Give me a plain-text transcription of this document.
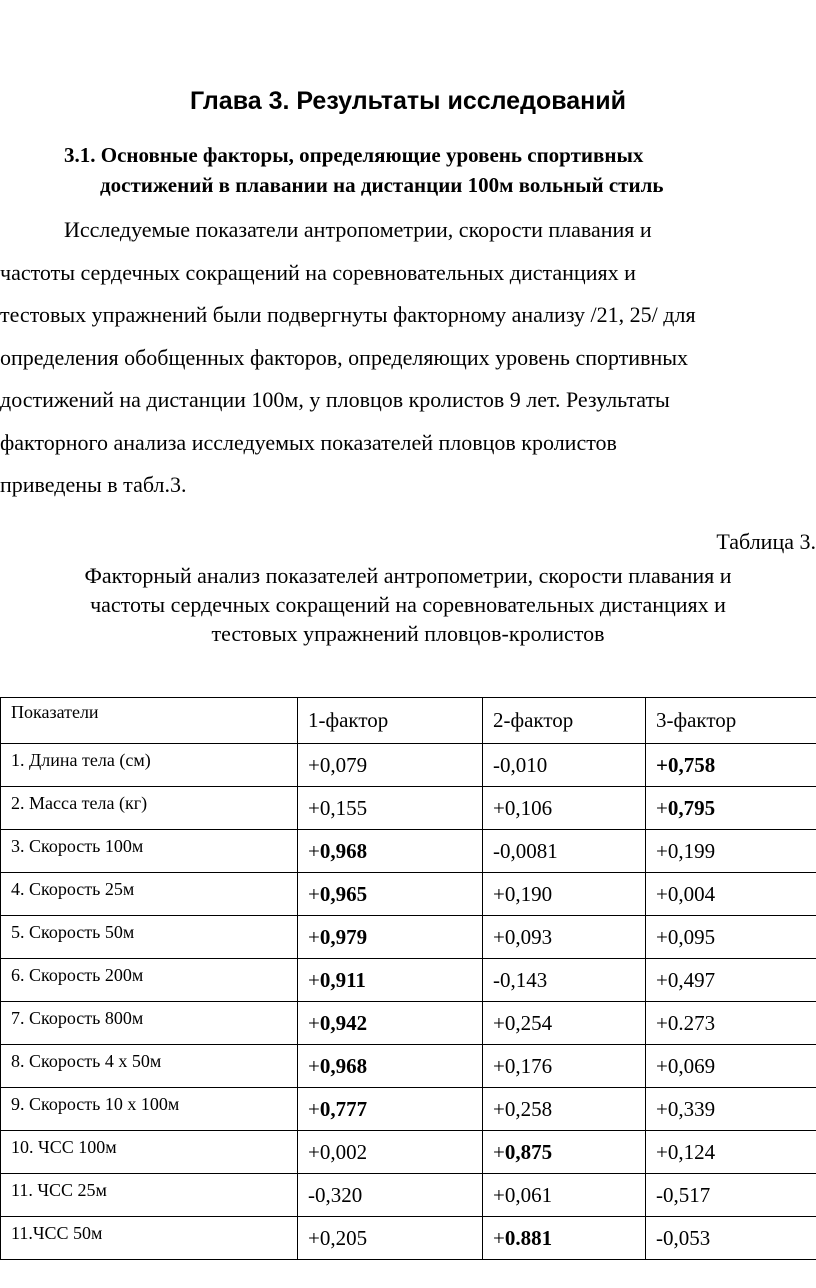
Глава 3. Результаты исследований
3.1. Основные факторы, определяющие уровень спортивных
достижений в плавании на дистанции 100м вольный стиль
Исследуемые показатели антропометрии, скорости плавания и
частоты сердечных сокращений на соревновательных дистанциях и
тестовых упражнений были подвергнуты факторному анализу /21, 25/ для
определения обобщенных факторов, определяющих уровень спортивных
достижений на дистанции 100м, у пловцов кролистов 9 лет. Результаты
факторного анализа исследуемых показателей пловцов кролистов
приведены в табл.3.
Таблица 3.
Факторный анализ показателей антропометрии, скорости плавания и
частоты сердечных сокращений на соревновательных дистанциях и
тестовых упражнений пловцов-кролистов
Показатели	1-фактор	2-фактор	3-фактор
1. Длина тела (см)	+0,079	-0,010	+0,758
2. Масса тела (кг)	+0,155	+0,106	+0,795
3. Скорость 100м	+0,968	-0,0081	+0,199
4. Скорость 25м	+0,965	+0,190	+0,004
5. Скорость 50м	+0,979	+0,093	+0,095
6. Скорость 200м	+0,911	-0,143	+0,497
7. Скорость 800м	+0,942	+0,254	+0.273
8. Скорость 4 х 50м	+0,968	+0,176	+0,069
9. Скорость 10 х 100м	+0,777	+0,258	+0,339
10. ЧСС 100м	+0,002	+0,875	+0,124
11. ЧСС 25м	-0,320	+0,061	-0,517
11.ЧСС 50м	+0,205	+0.881	-0,053
